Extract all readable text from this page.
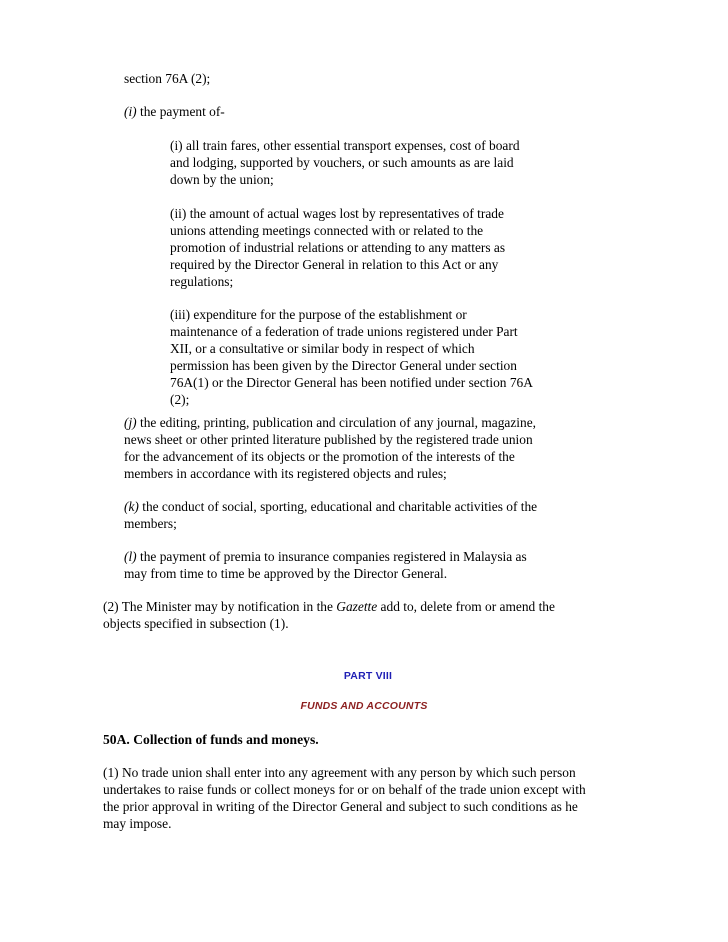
section 76A (2);

(i) the payment of-

(i) all train fares, other essential transport expenses, cost of board
and lodging, supported by vouchers, or such amounts as are laid
down by the union;

(ii) the amount of actual wages lost by representatives of trade
unions attending meetings connected with or related to the
promotion of industrial relations or attending to any matters as
required by the Director General in relation to this Act or any
regulations;

(iii) expenditure for the purpose of the establishment or
maintenance of a federation of trade unions registered under Part
XII, or a consultative or similar body in respect of which
permission has been given by the Director General under section
76A(1) or the Director General has been notified under section 76A
(2);

(j) the editing, printing, publication and circulation of any journal, magazine,
news sheet or other printed literature published by the registered trade union
for the advancement of its objects or the promotion of the interests of the
members in accordance with its registered objects and rules;

(k) the conduct of social, sporting, educational and charitable activities of the
members;

(l) the payment of premia to insurance companies registered in Malaysia as
may from time to time be approved by the Director General.

(2) The Minister may by notification in the Gazette add to, delete from or amend the
objects specified in subsection (1).

PART VIII
FUNDS AND ACCOUNTS
50A. Collection of funds and moneys.

(1) No trade union shall enter into any agreement with any person by which such person
undertakes to raise funds or collect moneys for or on behalf of the trade union except with
the prior approval in writing of the Director General and subject to such conditions as he
may impose.
